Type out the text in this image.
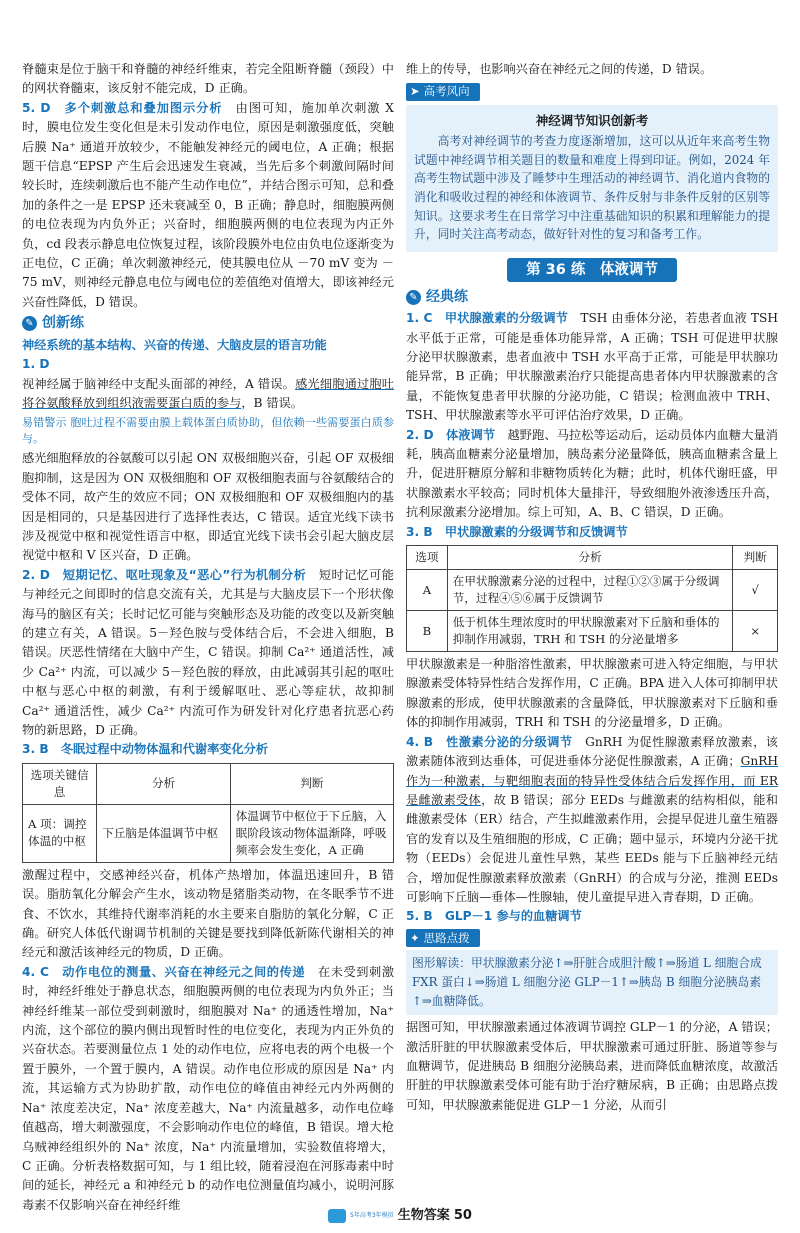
脊髓束是位于脑干和脊髓的神经纤维束，若完全阻断脊髓（颈段）中的网状脊髓束，该反射不能完成，D 正确。

5. D　多个刺激总和叠加图示分析　由图可知，施加单次刺激 X 时，膜电位发生变化但是未引发动作电位，原因是刺激强度低，突触后膜 Na⁺ 通道开放较少，不能触发神经元的阈电位，A 正确；根据题干信息“EPSP 产生后会迅速发生衰减，当先后多个刺激间隔时间较长时，连续刺激后也不能产生动作电位”，并结合图示可知，总和叠加的条件之一是 EPSP 还未衰减至 0，B 正确；静息时，细胞膜两侧的电位表现为内负外正；兴奋时，细胞膜两侧的电位表现为内正外负，cd 段表示静息电位恢复过程，该阶段膜外电位由负电位逐渐变为正电位，C 正确；单次刺激神经元，使其膜电位从 －70 mV 变为 －75 mV，则神经元静息电位与阈电位的差值绝对值增大，即该神经元兴奋性降低，D 错误。

✎ 创新练

神经系统的基本结构、兴奋的传递、大脑皮层的语言功能

1. D
视神经属于脑神经中支配头面部的神经，A 错误。感光细胞通过胞吐将谷氨酸释放到组织液需要蛋白质的参与，B 错误。

易错警示 胞吐过程不需要由膜上载体蛋白质协助，但依赖一些需要蛋白质参与。

感光细胞释放的谷氨酸可以引起 ON 双极细胞兴奋，引起 OF 双极细胞抑制，这是因为 ON 双极细胞和 OF 双极细胞表面与谷氨酸结合的受体不同，故产生的效应不同；ON 双极细胞和 OF 双极细胞内的基因是相同的，只是基因进行了选择性表达，C 错误。适宜光线下读书涉及视觉中枢和视觉性语言中枢，即适宜光线下读书会引起大脑皮层视觉中枢和 V 区兴奋，D 正确。

2. D　短期记忆、呕吐现象及“恶心”行为机制分析　短时记忆可能与神经元之间即时的信息交流有关，尤其是与大脑皮层下一个形状像海马的脑区有关；长时记忆可能与突触形态及功能的改变以及新突触的建立有关，A 错误。5－羟色胺与受体结合后，不会进入细胞，B 错误。厌恶性情绪在大脑中产生，C 错误。抑制 Ca²⁺ 通道活性，减少 Ca²⁺ 内流，可以减少 5－羟色胺的释放，由此减弱其引起的呕吐中枢与恶心中枢的刺激，有利于缓解呕吐、恶心等症状，故抑制 Ca²⁺ 通道活性，减少 Ca²⁺ 内流可作为研发针对化疗患者抗恶心药物的新思路，D 正确。

3. B　冬眠过程中动物体温和代谢率变化分析

选项关键信息	分析	判断
A 项：调控体温的中枢	下丘脑是体温调节中枢	体温调节中枢位于下丘脑，入眠阶段该动物体温渐降，呼吸频率会发生变化，A 正确

激醒过程中，交感神经兴奋，机体产热增加，体温迅速回升，B 错误。脂肪氧化分解会产生水，该动物是猪脂类动物，在冬眠季节不进食、不饮水，其维持代谢率消耗的水主要来自脂肪的氧化分解，C 正确。研究人体低代谢调节机制的关键是要找到降低新陈代谢相关的神经元和激活该神经元的物质，D 正确。

4. C　动作电位的测量、兴奋在神经元之间的传递　在未受到刺激时，神经纤维处于静息状态，细胞膜两侧的电位表现为内负外正；当神经纤维某一部位受到刺激时，细胞膜对 Na⁺ 的通透性增加，Na⁺ 内流，这个部位的膜内侧出现暂时性的电位变化，表现为内正外负的兴奋状态。若要测量位点 1 处的动作电位，应将电表的两个电极一个置于膜外，一个置于膜内，A 错误。动作电位形成的原因是 Na⁺ 内流，其运输方式为协助扩散，动作电位的峰值由神经元内外两侧的 Na⁺ 浓度差决定，Na⁺ 浓度差越大，Na⁺ 内流量越多，动作电位峰值越高，增大刺激强度，不会影响动作电位的峰值，B 错误。增大枪乌贼神经组织外的 Na⁺ 浓度，Na⁺ 内流量增加，实验数值将增大，C 正确。分析表格数据可知，与 1 组比较，随着浸泡在河豚毒素中时间的延长，神经元 a 和神经元 b 的动作电位测量值均减小，说明河豚毒素不仅影响兴奋在神经纤维

维上的传导，也影响兴奋在神经元之间的传递，D 错误。

➤ 高考风向
神经调节知识创新考

高考对神经调节的考查力度逐渐增加，这可以从近年来高考生物试题中神经调节相关题目的数量和难度上得到印证。例如，2024 年高考生物试题中涉及了睡梦中生理活动的神经调节、消化道内食物的消化和吸收过程的神经和体液调节、条件反射与非条件反射的区别等知识。这要求考生在日常学习中注重基础知识的积累和理解能力的提升，同时关注高考动态，做好针对性的复习和备考工作。

第 36 练　体液调节
✎ 经典练

1. C　甲状腺激素的分级调节　TSH 由垂体分泌，若患者血液 TSH 水平低于正常，可能是垂体功能异常，A 正确；TSH 可促进甲状腺分泌甲状腺激素，患者血液中 TSH 水平高于正常，可能是甲状腺功能异常，B 正确；甲状腺激素治疗只能提高患者体内甲状腺激素的含量，不能恢复患者甲状腺的分泌功能，C 错误；检测血液中 TRH、TSH、甲状腺激素等水平可评估治疗效果，D 正确。

2. D　体液调节　越野跑、马拉松等运动后，运动员体内血糖大量消耗，胰高血糖素分泌量增加，胰岛素分泌量降低，胰高血糖素含量上升，促进肝糖原分解和非糖物质转化为糖；此时，机体代谢旺盛，甲状腺激素水平较高；同时机体大量排汗，导致细胞外液渗透压升高，抗利尿激素分泌增加。综上可知，A、B、C 错误，D 正确。

3. B　甲状腺激素的分级调节和反馈调节

选项	分析	判断
A	在甲状腺激素分泌的过程中，过程①②③属于分级调节，过程④⑤⑥属于反馈调节	√
B	低于机体生理浓度时的甲状腺激素对下丘脑和垂体的抑制作用减弱，TRH 和 TSH 的分泌量增多	×

甲状腺激素是一种脂溶性激素，甲状腺激素可进入特定细胞，与甲状腺激素受体特异性结合发挥作用，C 正确。BPA 进入人体可抑制甲状腺激素的形成，使甲状腺激素的含量降低，甲状腺激素对下丘脑和垂体的抑制作用减弱，TRH 和 TSH 的分泌量增多，D 正确。

4. B　性激素分泌的分级调节　GnRH 为促性腺激素释放激素，该激素随体液到达垂体，可促进垂体分泌促性腺激素，A 正确；GnRH 作为一种激素，与靶细胞表面的特异性受体结合后发挥作用，而 ER 是雌激素受体，故 B 错误；部分 EEDs 与雌激素的结构相似，能和雌激素受体（ER）结合，产生拟雌激素作用，会提早促进儿童生殖器官的发育以及生殖细胞的形成，C 正确；题中显示，环境内分泌干扰物（EEDs）会促进儿童性早熟，某些 EEDs 能与下丘脑神经元结合，增加促性腺激素释放激素（GnRH）的合成与分泌，推测 EEDs 可影响下丘脑—垂体—性腺轴，使儿童提早进入青春期，D 正确。

5. B　GLP－1 参与的血糖调节

✦ 思路点拨
图形解读：甲状腺激素分泌↑⇒肝脏合成胆汁酸↑⇒肠道 L 细胞合成 FXR 蛋白↓⇒肠道 L 细胞分泌 GLP－1↑⇒胰岛 B 细胞分泌胰岛素↑⇒血糖降低。

据图可知，甲状腺激素通过体液调节调控 GLP－1 的分泌，A 错误；激活肝脏的甲状腺激素受体后，甲状腺激素可通过肝脏、肠道等参与血糖调节，促进胰岛 B 细胞分泌胰岛素，进而降低血糖浓度，故激活肝脏的甲状腺激素受体可能有助于治疗糖尿病，B 正确；由思路点拨可知，甲状腺激素能促进 GLP－1 分泌，从而引

5年高考3年模拟 生物答案 50
